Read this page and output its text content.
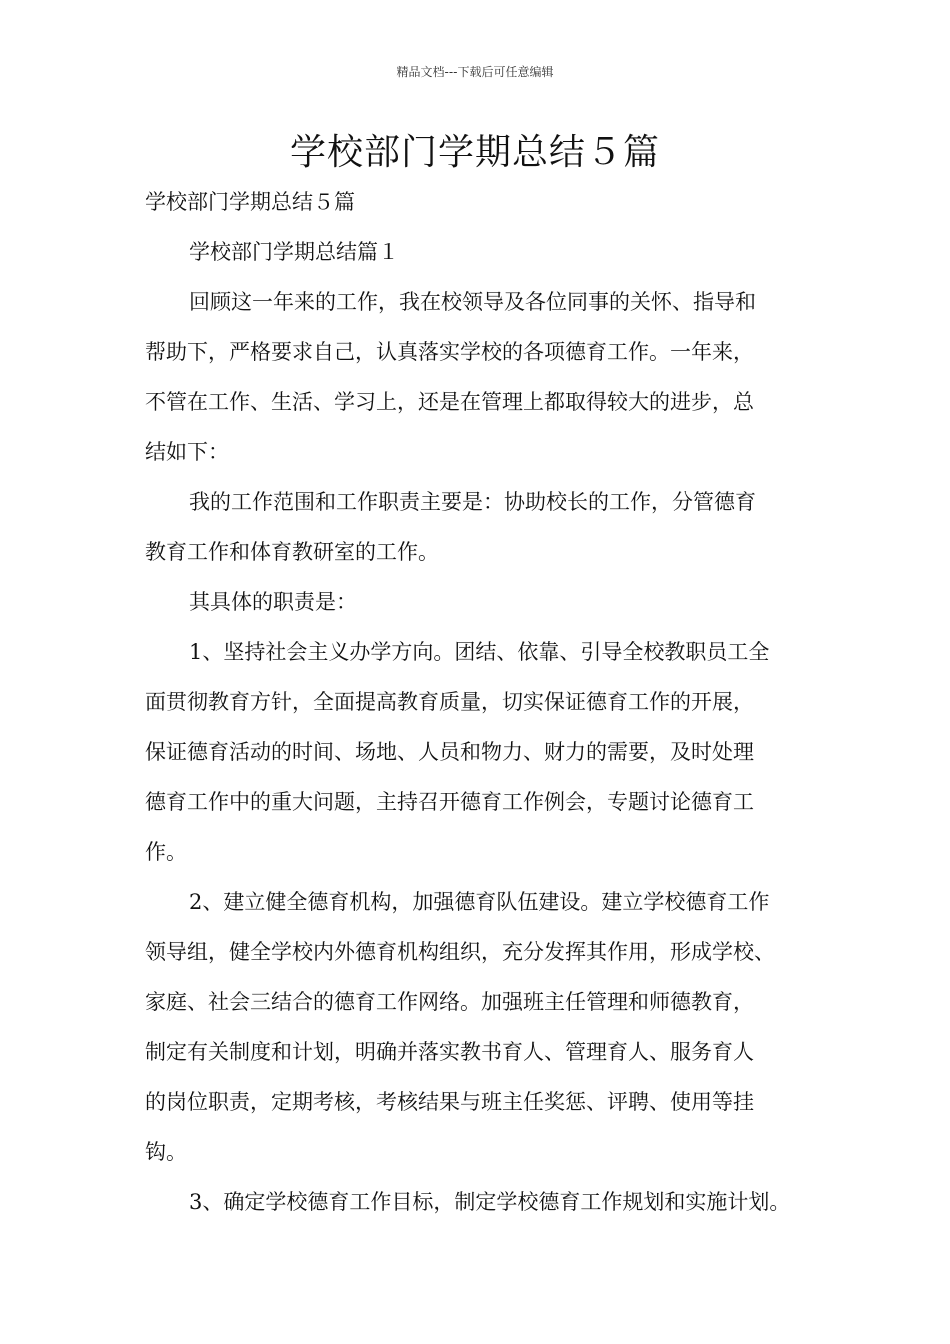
精品文档---下载后可任意编辑
学校部门学期总结５篇

学校部门学期总结５篇

学校部门学期总结篇１

回顾这一年来的工作，我在校领导及各位同事的关怀、指导和

帮助下，严格要求自己，认真落实学校的各项德育工作。一年来，

不管在工作、生活、学习上，还是在管理上都取得较大的进步，总

结如下：

我的工作范围和工作职责主要是：协助校长的工作，分管德育

教育工作和体育教研室的工作。

其具体的职责是：

1、坚持社会主义办学方向。团结、依靠、引导全校教职员工全

面贯彻教育方针，全面提高教育质量，切实保证德育工作的开展，

保证德育活动的时间、场地、人员和物力、财力的需要，及时处理

德育工作中的重大问题，主持召开德育工作例会，专题讨论德育工

作。

2、建立健全德育机构，加强德育队伍建设。建立学校德育工作

领导组，健全学校内外德育机构组织，充分发挥其作用，形成学校、

家庭、社会三结合的德育工作网络。加强班主任管理和师德教育，

制定有关制度和计划，明确并落实教书育人、管理育人、服务育人

的岗位职责，定期考核，考核结果与班主任奖惩、评聘、使用等挂

钩。

3、确定学校德育工作目标，制定学校德育工作规划和实施计划。
